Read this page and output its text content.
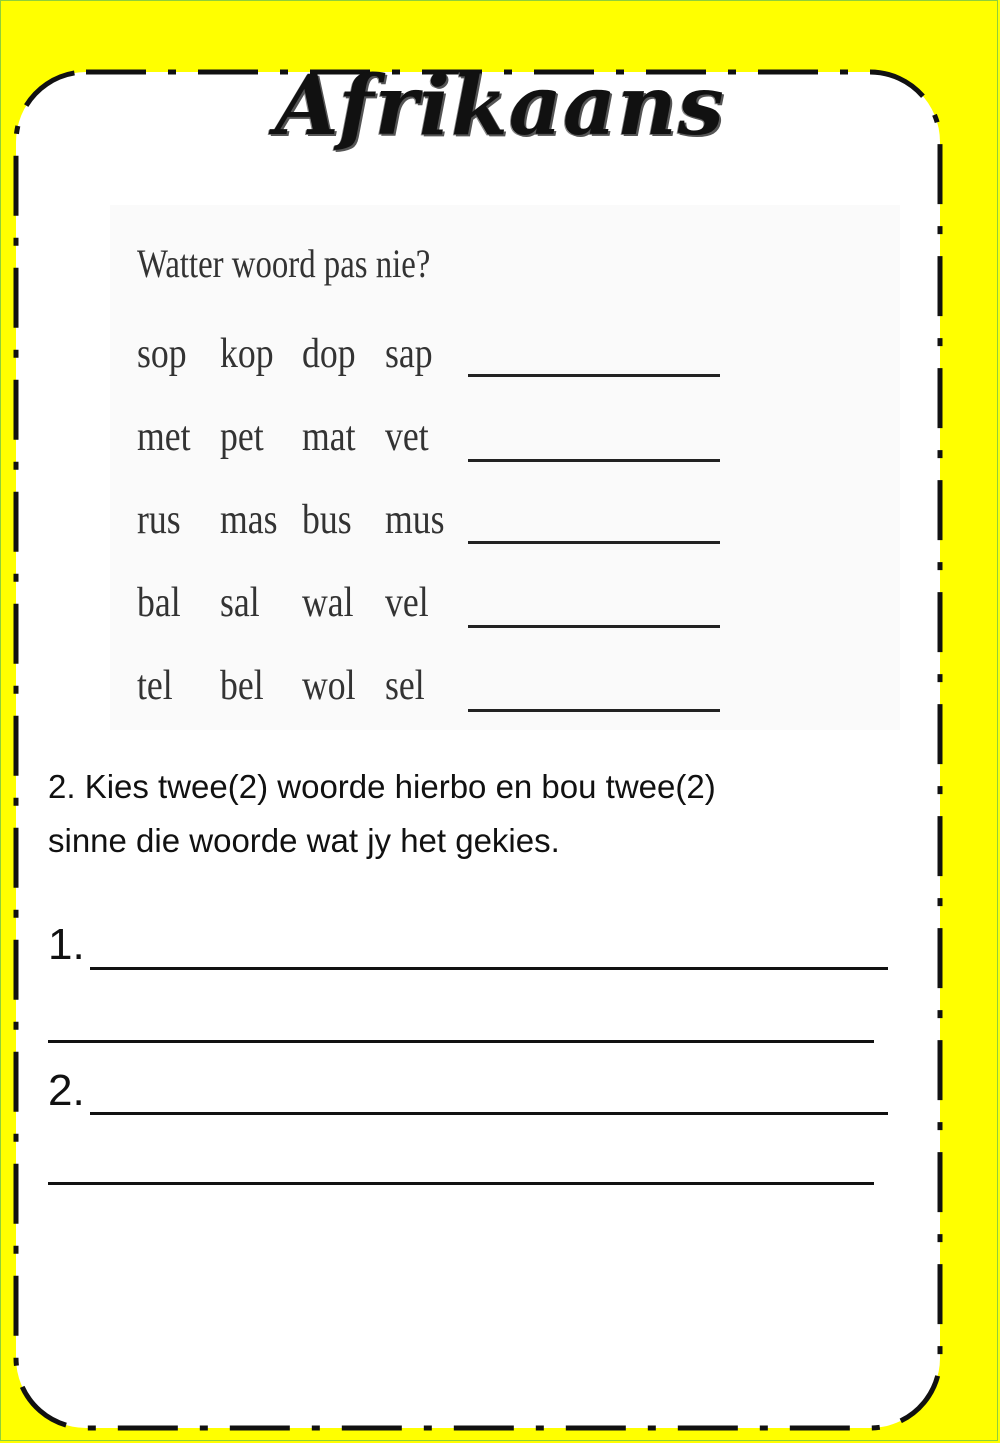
Afrikaans
Watter woord pas nie?
sop kop dop sap
met pet mat vet
rus mas bus mus
bal sal wal vel
tel bel wol sel
2. Kies twee(2) woorde hierbo en bou twee(2)
sinne die woorde wat jy het gekies.
1.
2.
